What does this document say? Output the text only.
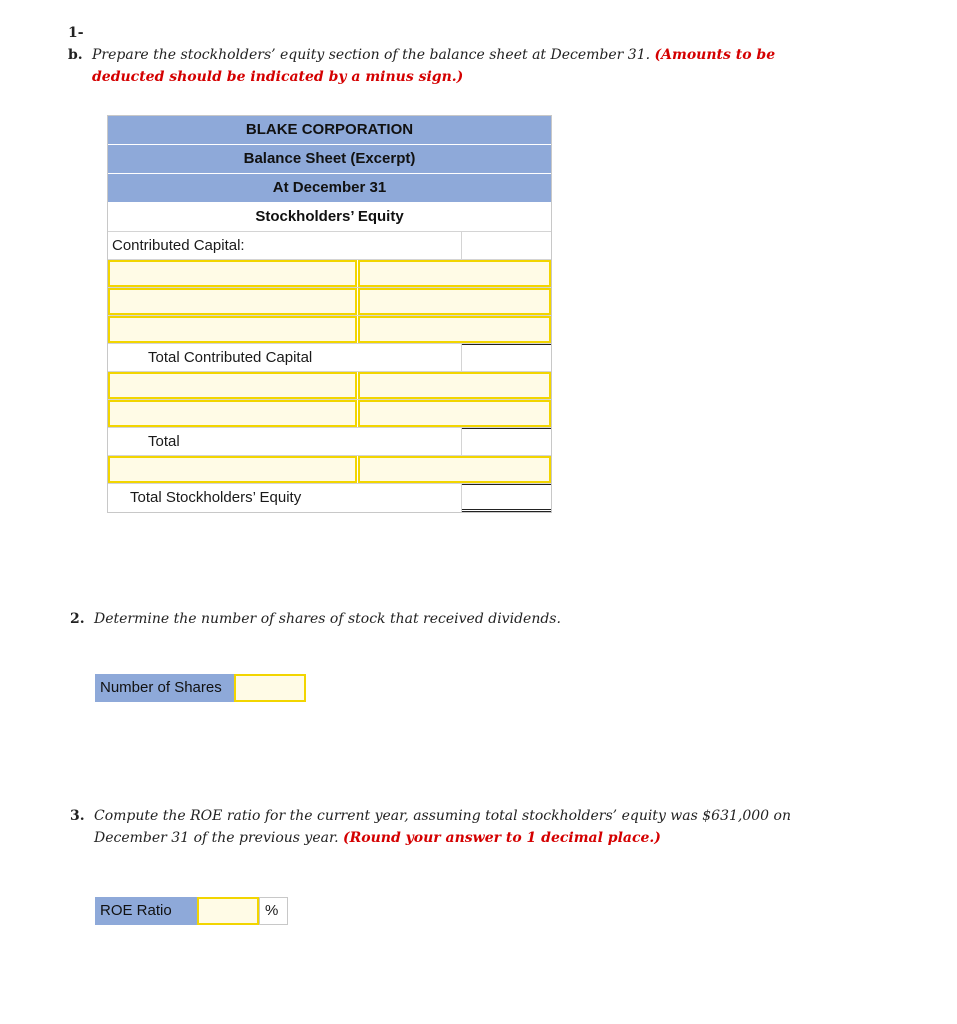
1-b. Prepare the stockholders’ equity section of the balance sheet at December 31. (Amounts to be deducted should be indicated by a minus sign.)
BLAKE CORPORATION
Balance Sheet (Excerpt)
At December 31
Stockholders’ Equity
Contributed Capital:
Total Contributed Capital
Total
Total Stockholders’ Equity
2. Determine the number of shares of stock that received dividends.
Number of Shares
3. Compute the ROE ratio for the current year, assuming total stockholders’ equity was $631,000 on December 31 of the previous year. (Round your answer to 1 decimal place.)
ROE Ratio	%
